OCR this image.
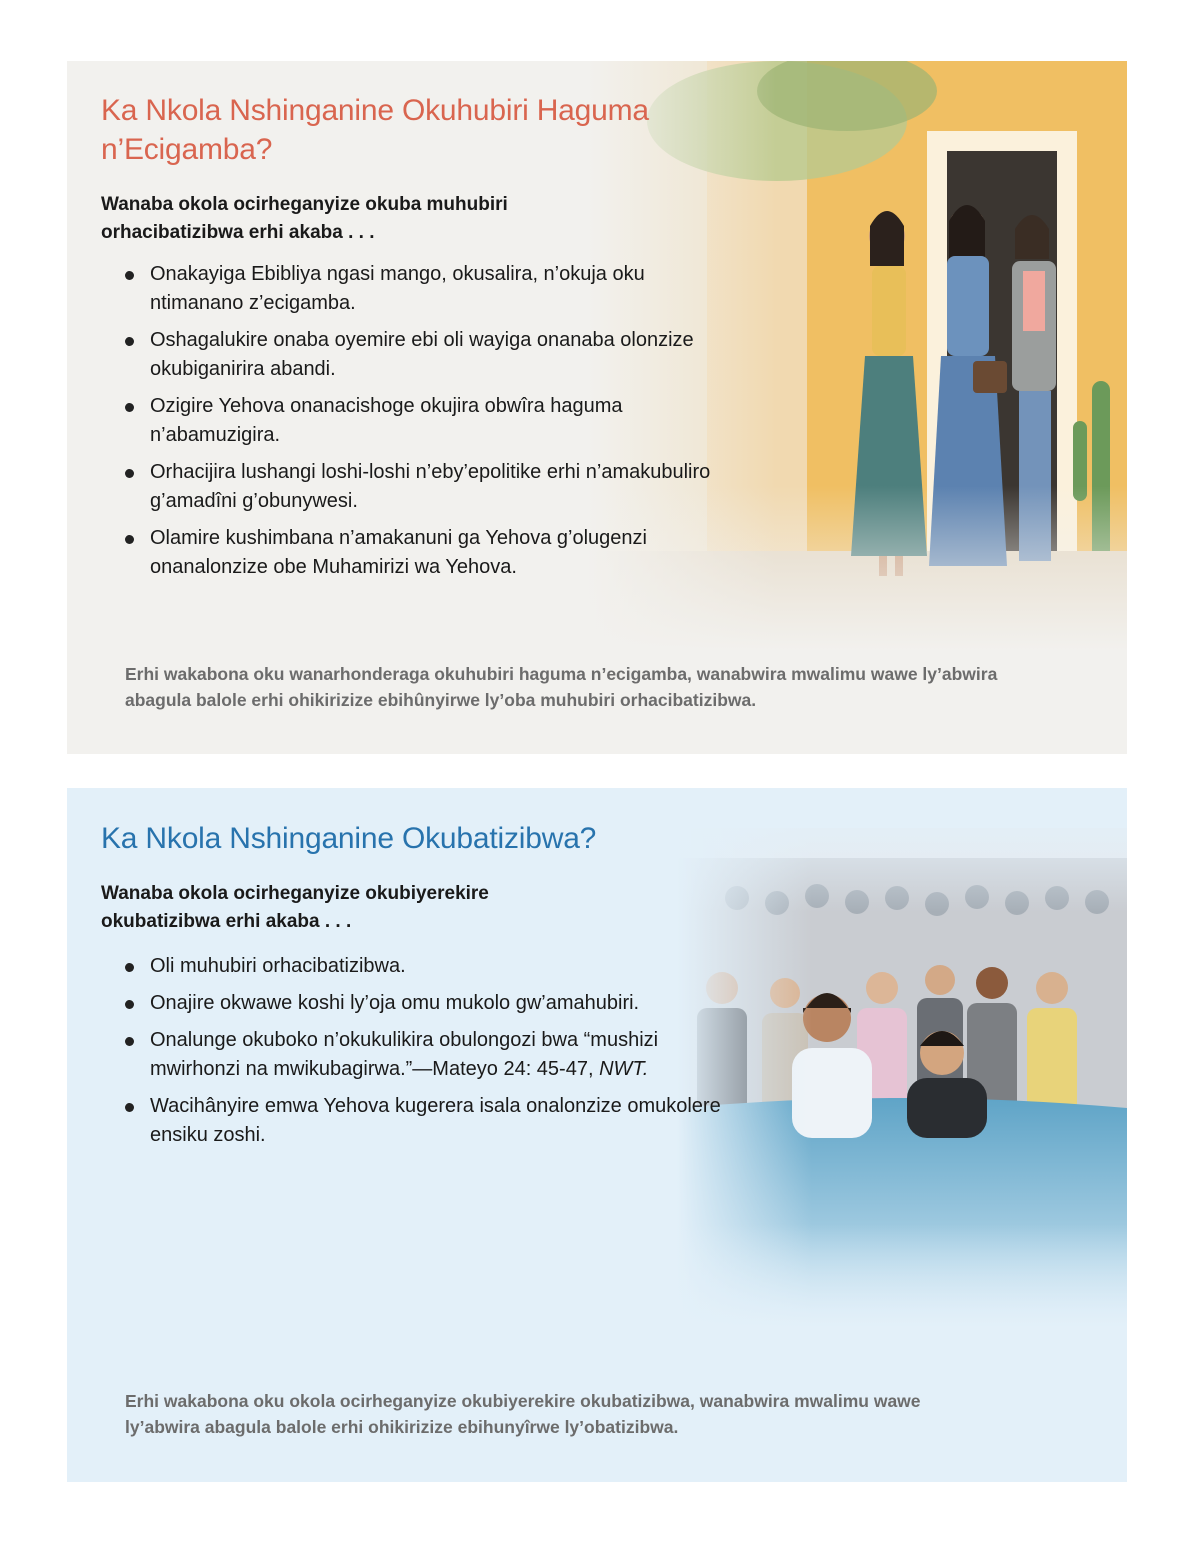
Ka Nkola Nshinganine Okuhubiri Haguma n’Ecigamba?

Wanaba okola ocirheganyize okuba muhubiri orhacibatizibwa erhi akaba . . .

Onakayiga Ebibliya ngasi mango, okusalira, n’okuja oku ntimanano z’ecigamba.
Oshagalukire onaba oyemire ebi oli wayiga onanaba olonzize okubiganirira abandi.
Ozigire Yehova onanacishoge okujira obwîra haguma n’abamuzigira.
Orhacijira lushangi loshi-loshi n’eby’epolitike erhi n’amakubuliro g’amadîni g’obunywesi.
Olamire kushimbana n’amakanuni ga Yehova g’olugenzi onanalonzize obe Muhamirizi wa Yehova.

Erhi wakabona oku wanarhonderaga okuhubiri haguma n’ecigamba, wanabwira mwalimu wawe ly’abwira abagula balole erhi ohikirizize ebihûnyirwe ly’oba muhubiri orhacibatizibwa.

Ka Nkola Nshinganine Okubatizibwa?

Wanaba okola ocirheganyize okubiyerekire okubatizibwa erhi akaba . . .

Oli muhubiri orhacibatizibwa.
Onajire okwawe koshi ly’oja omu mukolo gw’amahubiri.
Onalunge okuboko n’okukulikira obulongozi bwa “mushizi mwirhonzi na mwikubagirwa.”—Mateyo 24: 45-47, NWT.
Wacihânyire emwa Yehova kugerera isala onalonzize omukolere ensiku zoshi.

Erhi wakabona oku okola ocirheganyize okubiyerekire okubatizibwa, wanabwira mwalimu wawe ly’abwira abagula balole erhi ohikirizize ebihunyîrwe ly’obatizibwa.
